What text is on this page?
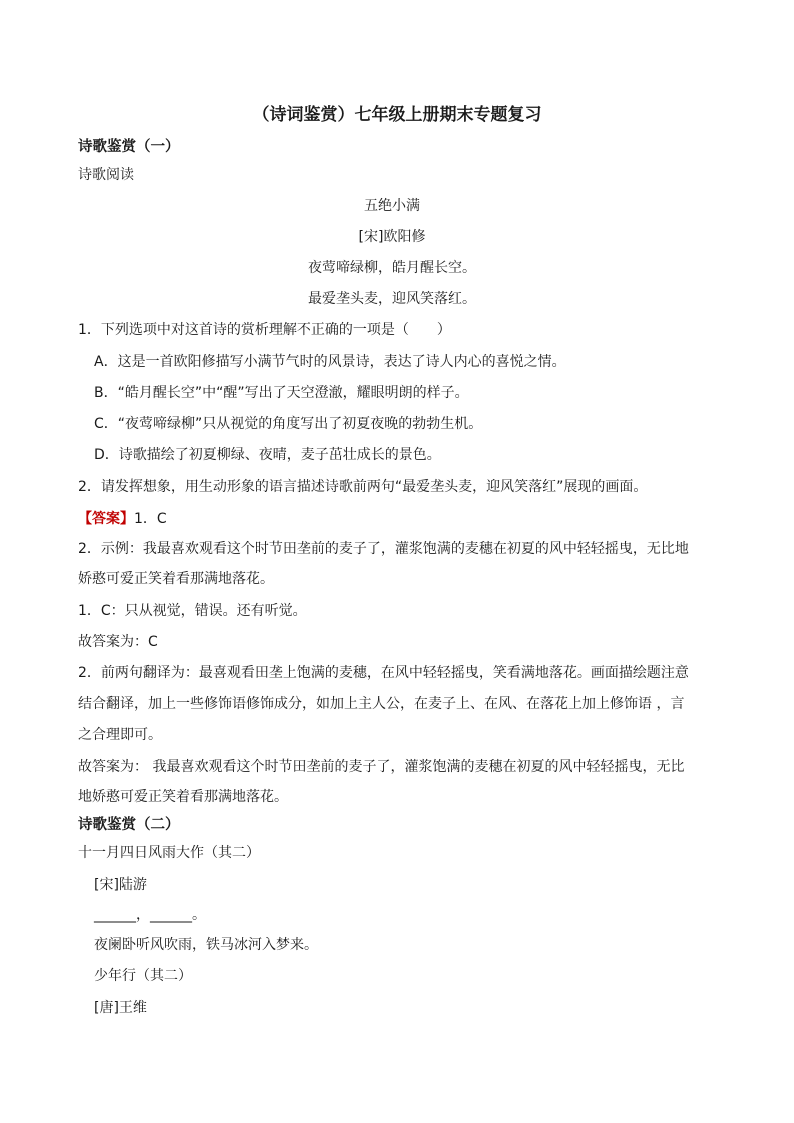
（诗词鉴赏）七年级上册期末专题复习
诗歌鉴赏（一）
诗歌阅读
五绝小满
[宋]欧阳修
夜莺啼绿柳，皓月醒长空。
最爱垄头麦，迎风笑落红。
1．下列选项中对这首诗的赏析理解不正确的一项是（　　）
A．这是一首欧阳修描写小满节气时的风景诗，表达了诗人内心的喜悦之情。
B．“皓月醒长空”中“醒”写出了天空澄澈，耀眼明朗的样子。
C．“夜莺啼绿柳”只从视觉的角度写出了初夏夜晚的勃勃生机。
D．诗歌描绘了初夏柳绿、夜晴，麦子茁壮成长的景色。
2．请发挥想象，用生动形象的语言描述诗歌前两句“最爱垄头麦，迎风笑落红”展现的画面。
【答案】1．C
2．示例：我最喜欢观看这个时节田垄前的麦子了，灌浆饱满的麦穗在初夏的风中轻轻摇曳，无比地
娇憨可爱正笑着看那满地落花。
1．C：只从视觉，错误。还有听觉。
故答案为：C
2．前两句翻译为：最喜观看田垄上饱满的麦穗，在风中轻轻摇曳，笑看满地落花。画面描绘题注意
结合翻译，加上一些修饰语修饰成分，如加上主人公，在麦子上、在风、在落花上加上修饰语 ，言
之合理即可。
故答案为： 我最喜欢观看这个时节田垄前的麦子了，灌浆饱满的麦穗在初夏的风中轻轻摇曳，无比
地娇憨可爱正笑着看那满地落花。
诗歌鉴赏（二）
十一月四日风雨大作（其二）
[宋]陆游
______，______。
夜阑卧听风吹雨，铁马冰河入梦来。
少年行（其二）
[唐]王维
